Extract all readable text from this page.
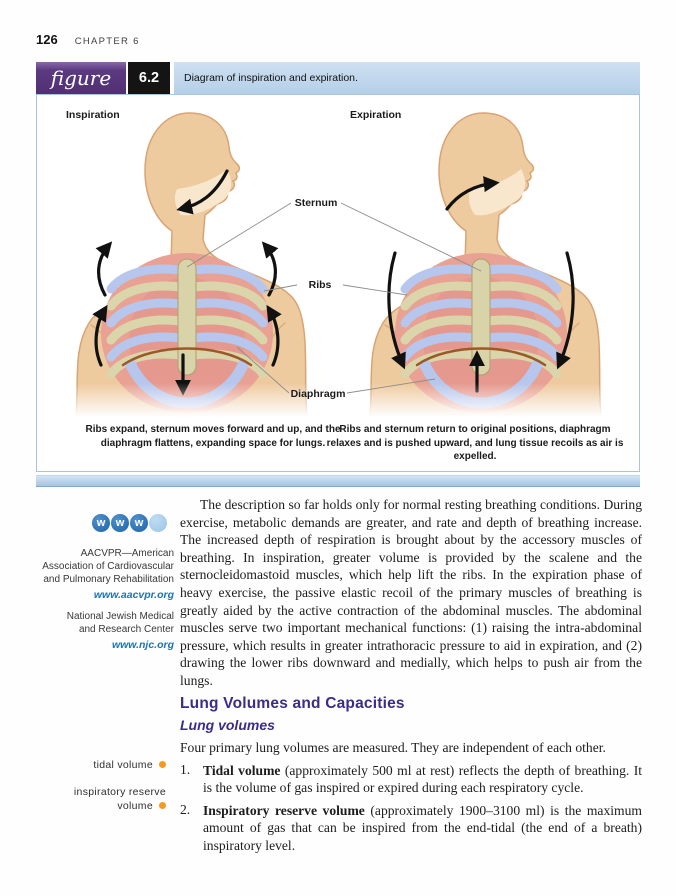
126 CHAPTER 6
figure	6.2	Diagram of inspiration and expiration.
Sternum
Ribs
Diaphragm
Inspiration	Expiration
Ribs expand, sternum moves forward and up, and the diaphragm flattens, expanding space for lungs.
Ribs and sternum return to original positions, diaphragm relaxes and is pushed upward, and lung tissue recoils as air is expelled.
w w w
AACVPR—American
Association of Cardiovascular
and Pulmonary Rehabilitation
www.aacvpr.org
National Jewish Medical
and Research Center
www.njc.org
The description so far holds only for normal resting breathing conditions. During exercise, metabolic demands are greater, and rate and depth of breathing increase. The increased depth of respiration is brought about by the accessory muscles of breathing. In inspiration, greater volume is provided by the scalene and the sternocleidomastoid muscles, which help lift the ribs. In the expiration phase of heavy exercise, the passive elastic recoil of the primary muscles of breathing is greatly aided by the active contraction of the abdominal muscles. The abdominal muscles serve two important mechanical functions: (1) raising the intra-abdominal pressure, which results in greater intrathoracic pressure to aid in expiration, and (2) drawing the lower ribs downward and medially, which helps to push air from the lungs.
Lung Volumes and Capacities
Lung volumes
Four primary lung volumes are measured. They are independent of each other.
1. Tidal volume (approximately 500 ml at rest) reflects the depth of breathing. It is the volume of gas inspired or expired during each respiratory cycle.
2. Inspiratory reserve volume (approximately 1900–3100 ml) is the maximum amount of gas that can be inspired from the end-tidal (the end of a breath) inspiratory level.
tidal volume
inspiratory reserve volume
